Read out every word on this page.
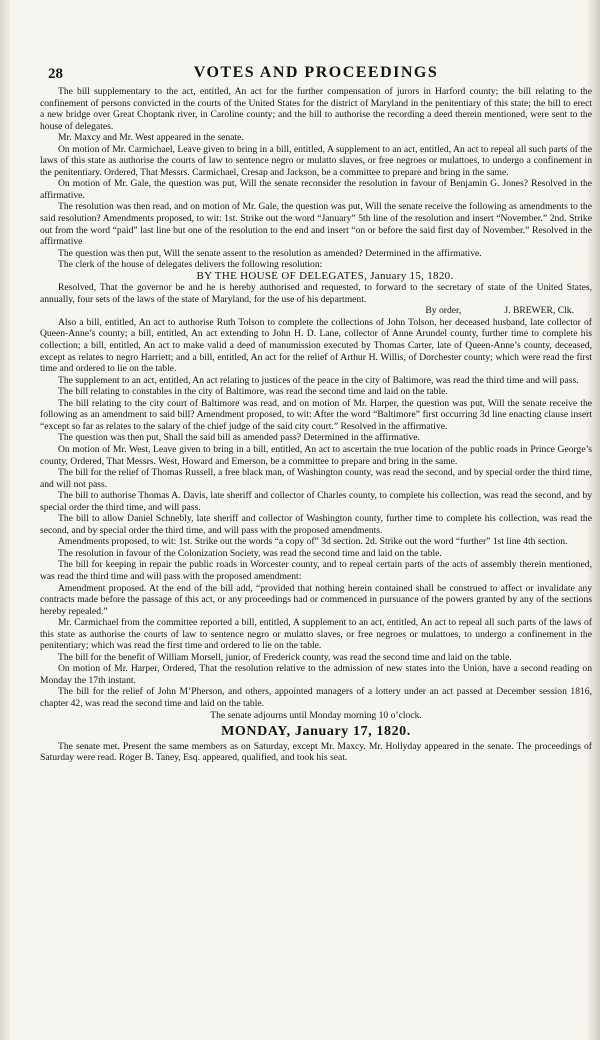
28	VOTES AND PROCEEDINGS

The bill supplementary to the act, entitled, An act for the further compensation of jurors in Harford county; the bill relating to the confinement of persons convicted in the courts of the United States for the district of Maryland in the penitentiary of this state; the bill to erect a new bridge over Great Choptank river, in Caroline county; and the bill to authorise the recording a deed therein mentioned, were sent to the house of delegates.

Mr. Maxcy and Mr. West appeared in the senate.

On motion of Mr. Carmichael, Leave given to bring in a bill, entitled, A supplement to an act, entitled, An act to repeal all such parts of the laws of this state as authorise the courts of law to sentence negro or mulatto slaves, or free negroes or mulattoes, to undergo a confinement in the penitentiary. Ordered, That Messrs. Carmichael, Cresap and Jackson, be a committee to prepare and bring in the same.

On motion of Mr. Gale, the question was put, Will the senate reconsider the resolution in favour of Benjamin G. Jones? Resolved in the affirmative.

The resolution was then read, and on motion of Mr. Gale, the question was put, Will the senate receive the following as amendments to the said resolution? Amendments proposed, to wit: 1st. Strike out the word “January” 5th line of the resolution and insert “November.” 2nd. Strike out from the word “paid” last line but one of the resolution to the end and insert “on or before the said first day of November.” Resolved in the affirmative

The question was then put, Will the senate assent to the resolution as amended? Determined in the affirmative.

The clerk of the house of delegates delivers the following resolution:

BY THE HOUSE OF DELEGATES, January 15, 1820.

Resolved, That the governor be and he is hereby authorised and requested, to forward to the secretary of state of the United States, annually, four sets of the laws of the state of Maryland, for the use of his department.

By order,                  J. BREWER, Clk.

Also a bill, entitled, An act to authorise Ruth Tolson to complete the collections of John Tolson, her deceased husband, late collector of Queen-Anne’s county; a bill, entitled, An act extending to John H. D. Lane, collector of Anne Arundel county, further time to complete his collection; a bill, entitled, An act to make valid a deed of manumission executed by Thomas Carter, late of Queen-Anne’s county, deceased, except as relates to negro Harriett; and a bill, entitled, An act for the relief of Arthur H. Willis, of Dorchester county; which were read the first time and ordered to lie on the table.

The supplement to an act, entitled, An act relating to justices of the peace in the city of Baltimore, was read the third time and will pass.

The bill relating to constables in the city of Baltimore, was read the second time and laid on the table.

The bill relating to the city court of Baltimore was read, and on motion of Mr. Harper, the question was put, Will the senate receive the following as an amendment to said bill? Amendment proposed, to wit: After the word “Baltimore” first occurring 3d line enacting clause insert “except so far as relates to the salary of the chief judge of the said city court.” Resolved in the affirmative.

The question was then put, Shall the said bill as amended pass? Determined in the affirmative.

On motion of Mr. West, Leave given to bring in a bill, entitled, An act to ascertain the true location of the public roads in Prince George’s county, Ordered, That Messrs. West, Howard and Emerson, be a committee to prepare and bring in the same.

The bill for the relief of Thomas Russell, a free black man, of Washington county, was read the second, and by special order the third time, and will not pass.

The bill to authorise Thomas A. Davis, late sheriff and collector of Charles county, to complete his collection, was read the second, and by special order the third time, and will pass.

The bill to allow Daniel Schnebly, late sheriff and collector of Washington county, further time to complete his collection, was read the second, and by special order the third time, and will pass with the proposed amendments.

Amendments proposed, to wit: 1st. Strike out the words “a copy of” 3d section. 2d. Strike out the word “further” 1st line 4th section.

The resolution in favour of the Colonization Society, was read the second time and laid on the table.

The bill for keeping in repair the public roads in Worcester county, and to repeal certain parts of the acts of assembly therein mentioned, was read the third time and will pass with the proposed amendment:

Amendment proposed. At the end of the bill add, “provided that nothing herein contained shall be construed to affect or invalidate any contracts made before the passage of this act, or any proceedings had or commenced in pursuance of the powers granted by any of the sections hereby repealed.”

Mr. Carmichael from the committee reported a bill, entitled, A supplement to an act, entitled, An act to repeal all such parts of the laws of this state as authorise the courts of law to sentence negro or mulatto slaves, or free negroes or mulattoes, to undergo a confinement in the penitentiary; which was read the first time and ordered to lie on the table.

The bill for the benefit of William Morsell, junior, of Frederick county, was read the second time and laid on the table.

On motion of Mr. Harper, Ordered, That the resolution relative to the admission of new states into the Union, have a second reading on Monday the 17th instant.

The bill for the relief of John M’Pherson, and others, appointed managers of a lottery under an act passed at December session 1816, chapter 42, was read the second time and laid on the table.

The senate adjourns until Monday morning 10 o’clock.

MONDAY, January 17, 1820.

The senate met. Present the same members as on Saturday, except Mr. Maxcy. Mr. Hollyday appeared in the senate. The proceedings of Saturday were read. Roger B. Taney, Esq. appeared, qualified, and took his seat.
